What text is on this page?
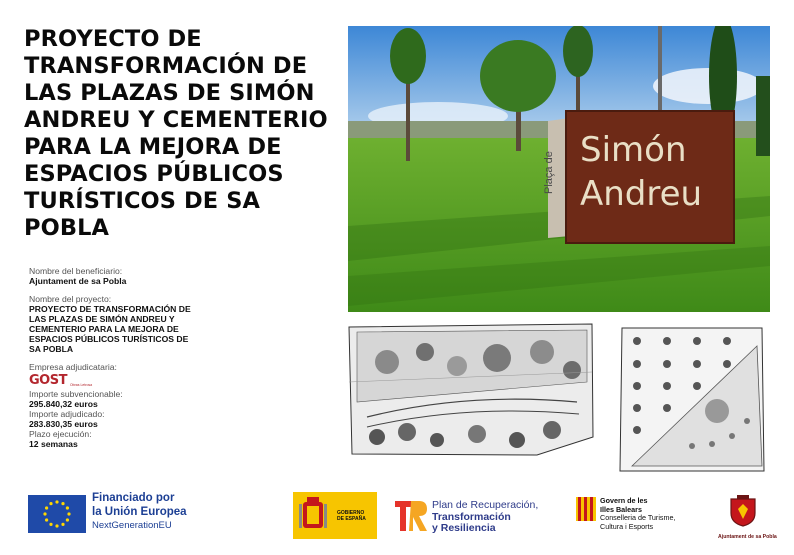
PROYECTO DE TRANSFORMACIÓN DE LAS PLAZAS DE SIMÓN ANDREU Y CEMENTERIO PARA LA MEJORA DE ESPACIOS PÚBLICOS TURÍSTICOS DE SA POBLA
Nombre del beneficiario:
Ajuntament de sa Pobla
Nombre del proyecto:
PROYECTO DE TRANSFORMACIÓN DE LAS PLAZAS DE SIMÓN ANDREU Y CEMENTERIO PARA LA MEJORA DE ESPACIOS PÚBLICOS TURÍSTICOS DE SA POBLA
Empresa adjudicataria:
GOST Obras Letrosa
Importe subvencionable:
295.840,32 euros
Importe adjudicado:
283.830,35 euros
Plazo ejecución:
12 semanas
Simón
Andreu
Plaça de
Financiado por
la Unión Europea
NextGenerationEU
GOBIERNO
DE ESPAÑA
Plan de Recuperación,
Transformación
y Resiliencia
Govern de les
Illes Balears
Conselleria de Turisme,
Cultura i Esports
Ajuntament de sa Pobla
